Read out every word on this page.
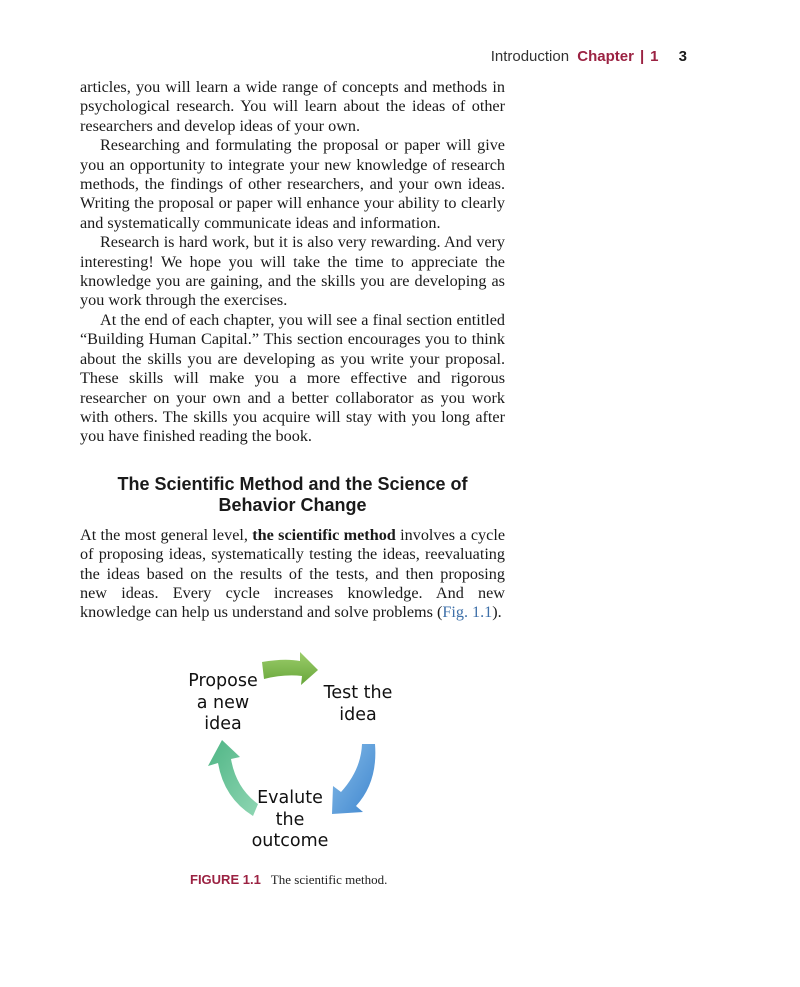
Introduction Chapter | 1 3

articles, you will learn a wide range of concepts and methods in psychological research. You will learn about the ideas of other researchers and develop ideas of your own.

Researching and formulating the proposal or paper will give you an opportunity to integrate your new knowledge of research methods, the findings of other researchers, and your own ideas. Writing the proposal or paper will enhance your ability to clearly and systematically communicate ideas and information.

Research is hard work, but it is also very rewarding. And very interesting! We hope you will take the time to appreciate the knowledge you are gaining, and the skills you are developing as you work through the exercises.

At the end of each chapter, you will see a final section entitled “Building Human Capital.” This section encourages you to think about the skills you are developing as you write your proposal. These skills will make you a more effective and rigorous researcher on your own and a better collaborator as you work with others. The skills you acquire will stay with you long after you have finished reading the book.

The Scientific Method and the Science of
Behavior Change

At the most general level, the scientific method involves a cycle of proposing ideas, systematically testing the ideas, reevaluating the ideas based on the results of the tests, and then proposing new ideas. Every cycle increases knowledge. And new knowledge can help us understand and solve problems (Fig. 1.1).

Propose
a new
idea
Test the
idea
Evalute
the
outcome
FIGURE 1.1 The scientific method.
